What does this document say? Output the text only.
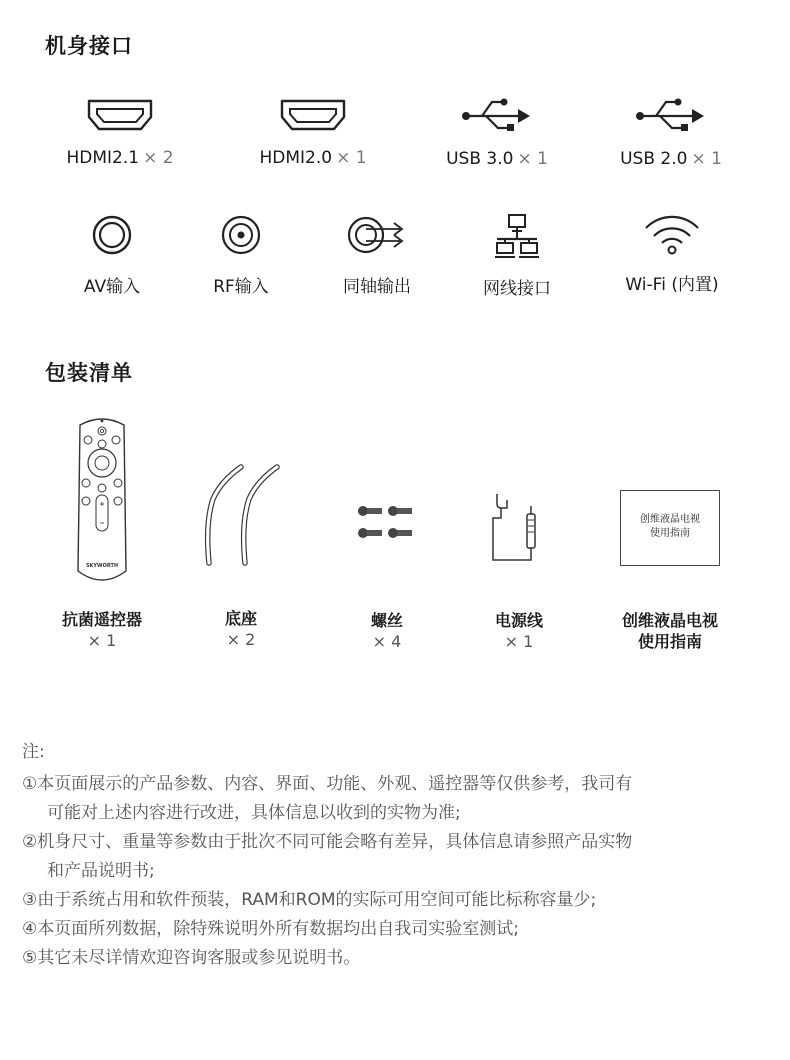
机身接口
HDMI2.1 × 2	HDMI2.0 × 1	USB 3.0 × 1	USB 2.0 × 1
AV输入	RF输入	同轴输出	网线接口	Wi-Fi (内置)
包装清单
SKYWORTH
抗菌遥控器
× 1
底座
× 2
螺丝
× 4
电源线
× 1
创维液晶电视
使用指南
创维液晶电视
使用指南
注:
①本页面展示的产品参数、内容、界面、功能、外观、遥控器等仅供参考，我司有
可能对上述内容进行改进，具体信息以收到的实物为准;
②机身尺寸、重量等参数由于批次不同可能会略有差异，具体信息请参照产品实物
和产品说明书;
③由于系统占用和软件预装，RAM和ROM的实际可用空间可能比标称容量少;
④本页面所列数据，除特殊说明外所有数据均出自我司实验室测试;
⑤其它未尽详情欢迎咨询客服或参见说明书。
